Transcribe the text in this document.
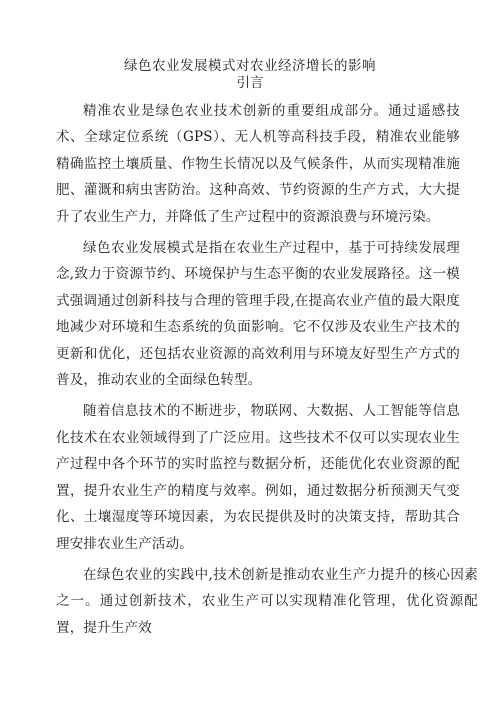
绿色农业发展模式对农业经济增长的影响
引言

精准农业是绿色农业技术创新的重要组成部分。通过遥感技术、全球定位系统（GPS）、无人机等高科技手段，精准农业能够精确监控土壤质量、作物生长情况以及气候条件，从而实现精准施肥、灌溉和病虫害防治。这种高效、节约资源的生产方式，大大提升了农业生产力，并降低了生产过程中的资源浪费与环境污染。

绿色农业发展模式是指在农业生产过程中，基于可持续发展理念,致力于资源节约、环境保护与生态平衡的农业发展路径。这一模式强调通过创新科技与合理的管理手段,在提高农业产值的最大限度地减少对环境和生态系统的负面影响。它不仅涉及农业生产技术的更新和优化，还包括农业资源的高效利用与环境友好型生产方式的普及，推动农业的全面绿色转型。

随着信息技术的不断进步，物联网、大数据、人工智能等信息化技术在农业领域得到了广泛应用。这些技术不仅可以实现农业生产过程中各个环节的实时监控与数据分析，还能优化农业资源的配置，提升农业生产的精度与效率。例如，通过数据分析预测天气变化、土壤湿度等环境因素，为农民提供及时的决策支持，帮助其合理安排农业生产活动。

在绿色农业的实践中,技术创新是推动农业生产力提升的核心因素之一。通过创新技术，农业生产可以实现精准化管理，优化资源配置，提升生产效
